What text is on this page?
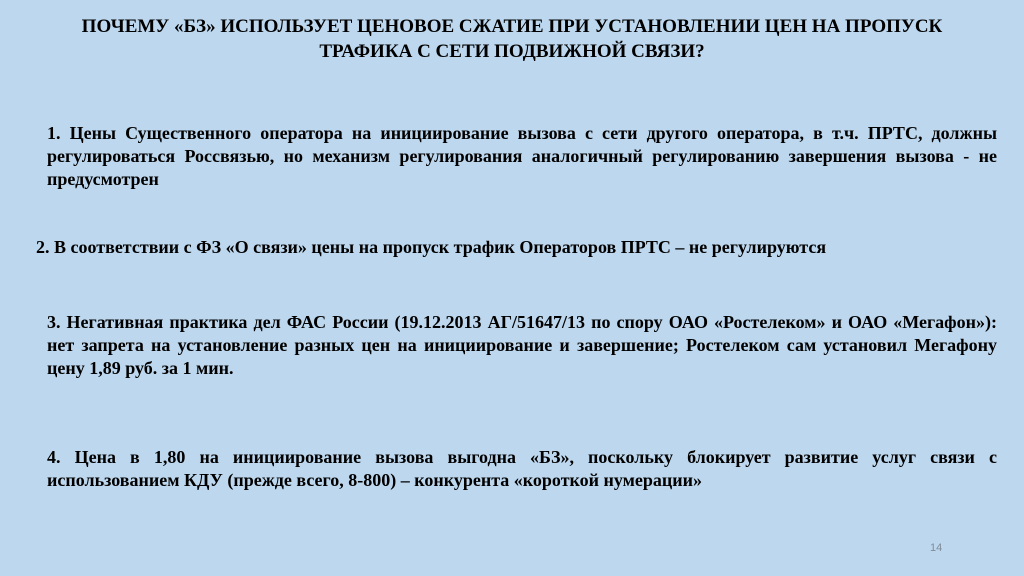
ПОЧЕМУ «БЗ» ИСПОЛЬЗУЕТ ЦЕНОВОЕ СЖАТИЕ ПРИ УСТАНОВЛЕНИИ ЦЕН НА ПРОПУСК ТРАФИКА С СЕТИ ПОДВИЖНОЙ СВЯЗИ?
1. Цены Существенного оператора на инициирование вызова с сети другого оператора, в т.ч. ПРТС, должны регулироваться Россвязью, но механизм регулирования аналогичный регулированию завершения вызова - не предусмотрен
2. В соответствии с ФЗ «О связи» цены на пропуск трафик Операторов ПРТС – не регулируются
3. Негативная практика дел ФАС России (19.12.2013 АГ/51647/13 по спору ОАО «Ростелеком» и ОАО «Мегафон»): нет запрета на установление разных цен на инициирование и завершение; Ростелеком сам установил Мегафону цену 1,89 руб. за 1 мин.
4. Цена в 1,80 на инициирование вызова выгодна «БЗ», поскольку блокирует развитие услуг связи с использованием КДУ (прежде всего, 8-800) – конкурента «короткой нумерации»
14
